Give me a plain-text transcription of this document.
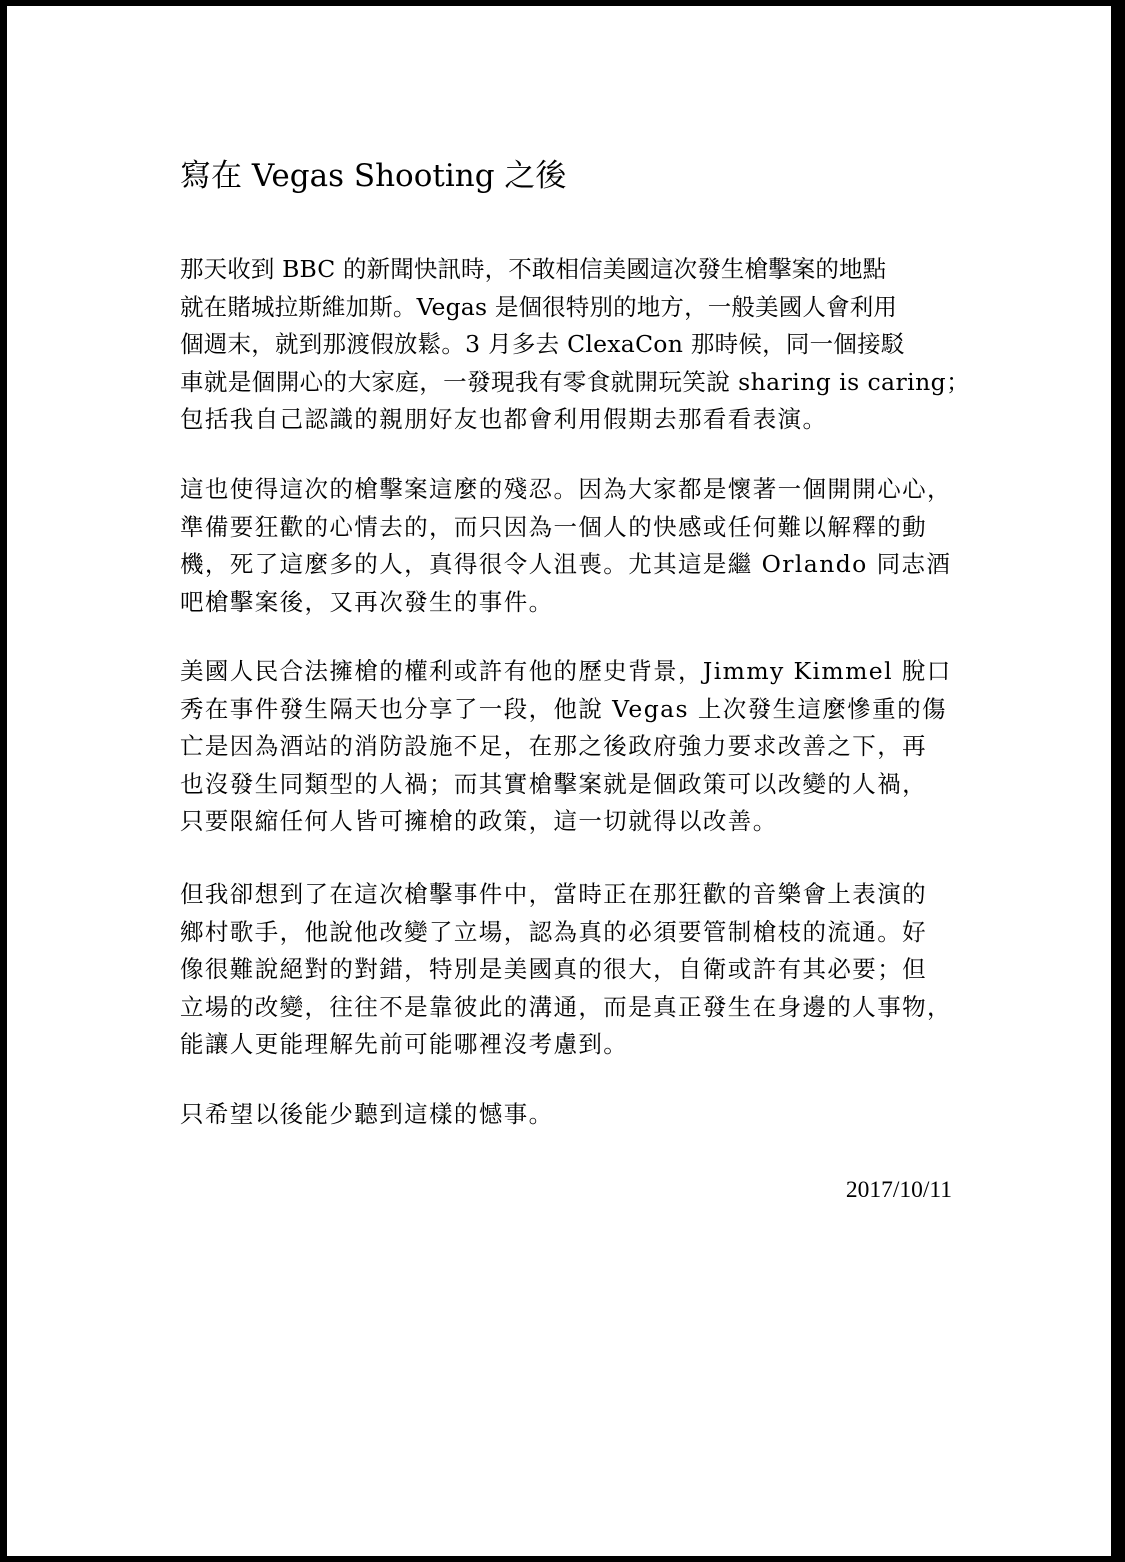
寫在 Vegas Shooting 之後
那天收到 BBC 的新聞快訊時，不敢相信美國這次發生槍擊案的地點
就在賭城拉斯維加斯。Vegas 是個很特別的地方，一般美國人會利用
個週末，就到那渡假放鬆。3 月多去 ClexaCon 那時候，同一個接駁
車就是個開心的大家庭，一發現我有零食就開玩笑說 sharing is caring；
包括我自己認識的親朋好友也都會利用假期去那看看表演。
這也使得這次的槍擊案這麼的殘忍。因為大家都是懷著一個開開心心，
準備要狂歡的心情去的，而只因為一個人的快感或任何難以解釋的動
機，死了這麼多的人，真得很令人沮喪。尤其這是繼 Orlando 同志酒
吧槍擊案後，又再次發生的事件。
美國人民合法擁槍的權利或許有他的歷史背景，Jimmy Kimmel 脫口
秀在事件發生隔天也分享了一段，他說 Vegas 上次發生這麼慘重的傷
亡是因為酒站的消防設施不足，在那之後政府強力要求改善之下，再
也沒發生同類型的人禍；而其實槍擊案就是個政策可以改變的人禍，
只要限縮任何人皆可擁槍的政策，這一切就得以改善。
但我卻想到了在這次槍擊事件中，當時正在那狂歡的音樂會上表演的
鄉村歌手，他說他改變了立場，認為真的必須要管制槍枝的流通。好
像很難說絕對的對錯，特別是美國真的很大，自衛或許有其必要；但
立場的改變，往往不是靠彼此的溝通，而是真正發生在身邊的人事物，
能讓人更能理解先前可能哪裡沒考慮到。
只希望以後能少聽到這樣的憾事。
2017/10/11
